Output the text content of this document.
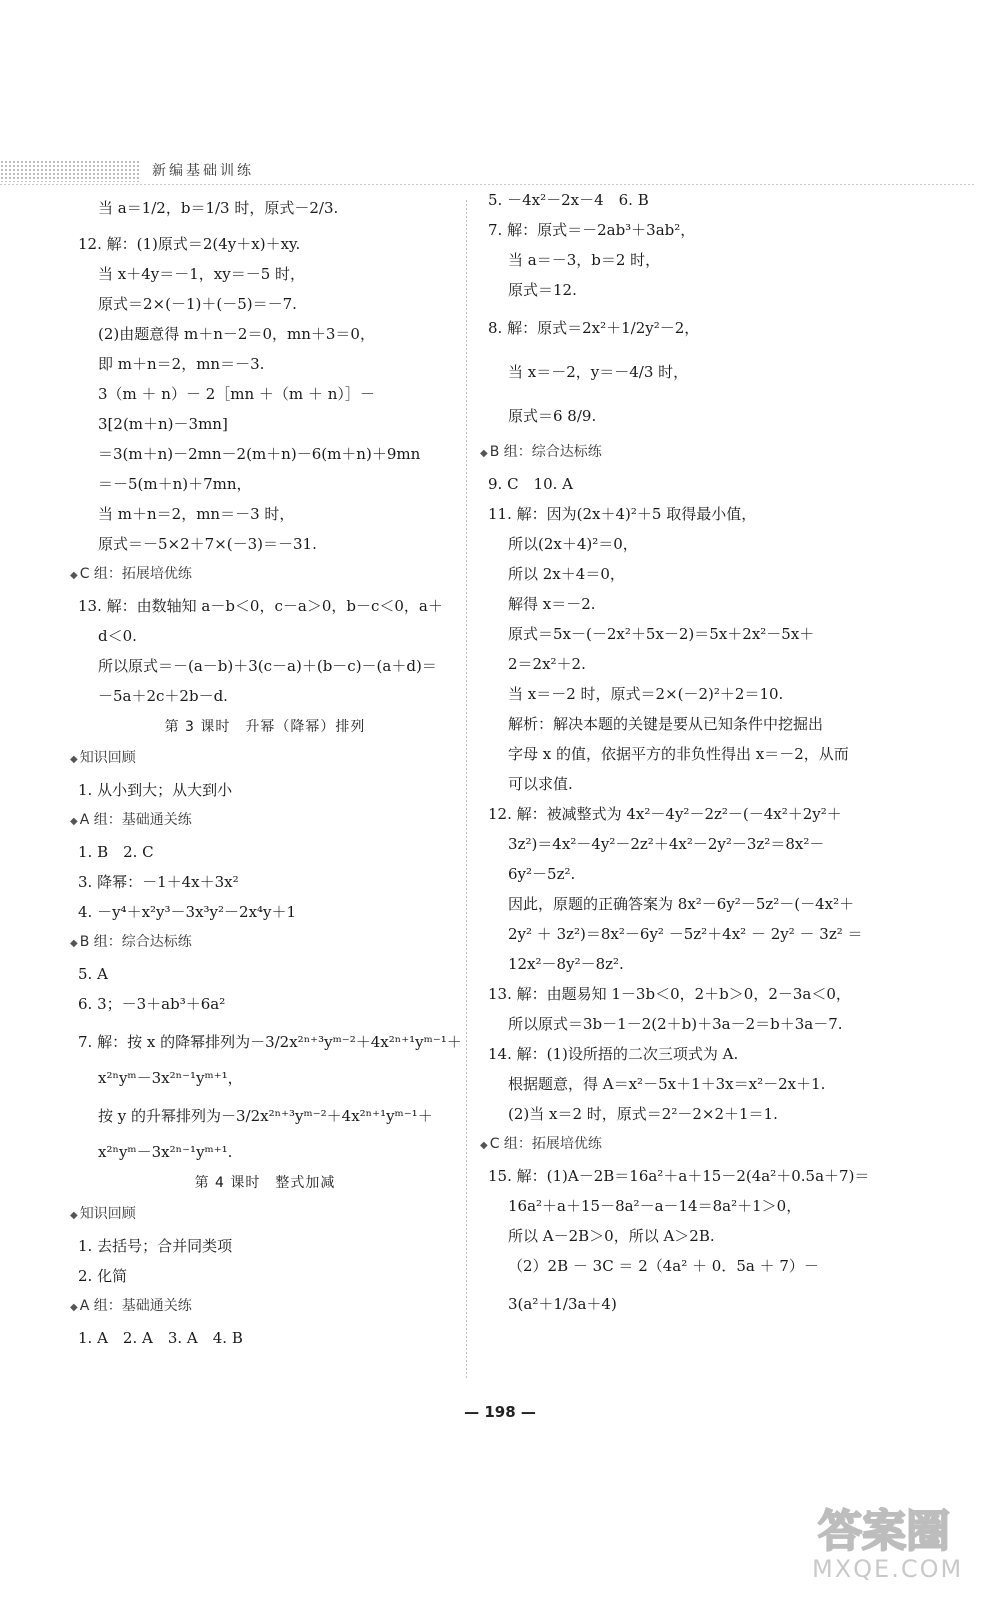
新编基础训练
当 a＝1/2，b＝1/3 时，原式－2/3.
12. 解：(1)原式＝2(4y＋x)＋xy.
当 x＋4y＝－1，xy＝－5 时，
原式＝2×(－1)＋(－5)＝－7.
(2)由题意得 m＋n－2＝0，mn＋3＝0，
即 m＋n＝2，mn＝－3.
3（m ＋ n）－ 2［mn ＋（m ＋ n）］－
3[2(m＋n)－3mn]
＝3(m＋n)－2mn－2(m＋n)－6(m＋n)＋9mn
＝－5(m＋n)＋7mn，
当 m＋n＝2，mn＝－3 时，
原式＝－5×2＋7×(－3)＝－31.
◆ C 组：拓展培优练
13. 解：由数轴知 a－b＜0，c－a＞0，b－c＜0，a＋
d＜0.
所以原式＝－(a－b)＋3(c－a)＋(b－c)－(a＋d)＝
－5a＋2c＋2b－d.
第 3 课时　升幂（降幂）排列
◆ 知识回顾
1. 从小到大；从大到小
◆ A 组：基础通关练
1. B　2. C
3. 降幂：－1＋4x＋3x²
4. －y⁴＋x²y³－3x³y²－2x⁴y＋1
◆ B 组：综合达标练
5. A
6. 3；－3＋ab³＋6a²
7. 解：按 x 的降幂排列为－3/2x²ⁿ⁺³yᵐ⁻²＋4x²ⁿ⁺¹yᵐ⁻¹＋
x²ⁿyᵐ－3x²ⁿ⁻¹yᵐ⁺¹，
按 y 的升幂排列为－3/2x²ⁿ⁺³yᵐ⁻²＋4x²ⁿ⁺¹yᵐ⁻¹＋
x²ⁿyᵐ－3x²ⁿ⁻¹yᵐ⁺¹.
第 4 课时　整式加减
◆ 知识回顾
1. 去括号；合并同类项
2. 化简
◆ A 组：基础通关练
1. A　2. A　3. A　4. B
5. －4x²－2x－4　6. B
7. 解：原式＝－2ab³＋3ab²，
当 a＝－3，b＝2 时，
原式＝12.
8. 解：原式＝2x²＋1/2y²－2，
当 x＝－2，y＝－4/3 时，
原式＝6 8/9.
◆ B 组：综合达标练
9. C　10. A
11. 解：因为(2x＋4)²＋5 取得最小值，
所以(2x＋4)²＝0，
所以 2x＋4＝0，
解得 x＝－2.
原式＝5x－(－2x²＋5x－2)＝5x＋2x²－5x＋
2＝2x²＋2.
当 x＝－2 时，原式＝2×(－2)²＋2＝10.
解析：解决本题的关键是要从已知条件中挖掘出
字母 x 的值，依据平方的非负性得出 x＝－2，从而
可以求值.
12. 解：被减整式为 4x²－4y²－2z²－(－4x²＋2y²＋
3z²)＝4x²－4y²－2z²＋4x²－2y²－3z²＝8x²－
6y²－5z².
因此，原题的正确答案为 8x²－6y²－5z²－(－4x²＋
2y² ＋ 3z²)＝8x²－6y² －5z²＋4x² － 2y² － 3z² ＝
12x²－8y²－8z².
13. 解：由题易知 1－3b＜0，2＋b＞0，2－3a＜0，
所以原式＝3b－1－2(2＋b)＋3a－2＝b＋3a－7.
14. 解：(1)设所捂的二次三项式为 A.
根据题意，得 A＝x²－5x＋1＋3x＝x²－2x＋1.
(2)当 x＝2 时，原式＝2²－2×2＋1＝1.
◆ C 组：拓展培优练
15. 解：(1)A－2B＝16a²＋a＋15－2(4a²＋0.5a＋7)＝
16a²＋a＋15－8a²－a－14＝8a²＋1＞0，
所以 A－2B＞0，所以 A＞2B.
（2）2B － 3C ＝ 2（4a² ＋ 0．5a ＋ 7）－
3(a²＋1/3a＋4)
— 198 —
答案圈
MXQE.COM
